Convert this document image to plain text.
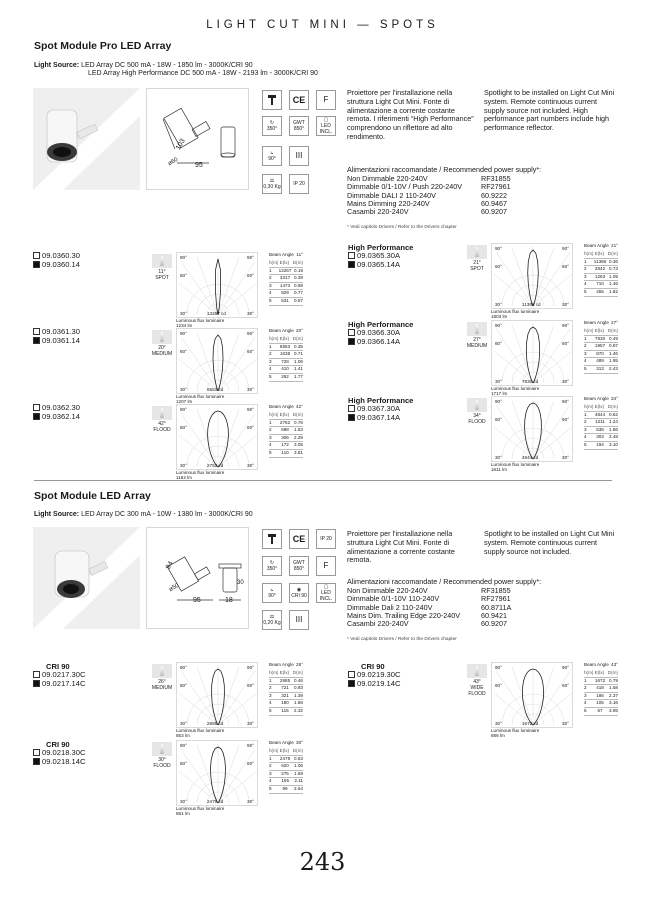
LIGHT CUT MINI — SPOTS
Spot Module Pro LED Array
Light Source: LED Array DC 500 mA - 18W - 1850 lm - 3000K/CRI 90
LED Array High Performance DC 500 mA - 18W - 2193 lm - 3000K/CRI 90
103
ø60 95
CE F
↻
350°
GWT 850°
▢
LED INCL.
⦣
90° III
⚖
0,30 Kg	IP 20
Proiettore per l'installazione nella struttura Light Cut Mini. Fonte di alimentazione a corrente costante remota. I riferimenti “High Performance” comprendono un riflettore ad alto rendimento.
Spotlight to be installed on Light Cut Mini system. Remote continuous current supply source not included. High performance part numbers include high performance reflector.
Alimentazioni raccomandate / Recommended power supply*:
Non Dimmable 220-240V	RF31855
Dimmable 0/1-10V / Push 220-240V	RF27961
Dimmable DALI 2 110-240V	60.9222
Mains Dimming 220-240V	60.9467
Casambi 220-240V	60.9207
* Vedi capitolo Drivers / Refer to the Drivers chapter
Spot Module LED Array
Light Source: LED Array DC 300 mA - 10W - 1380 lm - 3000K/CRI 90
94
ø50
95	18
30
CE	IP 20
↻
350°
GWT 850°	F
⦣
90°
◉
CRI 90
▢
LED INCL.
⚖
0,20 Kg III
Proiettore per l'installazione nella struttura Light Cut Mini. Fonte di alimentazione a corrente costante remota.
Spotlight to be installed on Light Cut Mini system. Remote continuous current supply source not included.
Alimentazioni raccomandate / Recommended power supply*:
Non Dimmable 220-240V	RF31855
Dimmable 0/1-10V 110-240V	RF27961
Dimmable Dali 2 110-240V	60.8711A
Mains Dim. Trailing Edge 220-240V	60.9421
Casambi 220-240V	60.9207
* Vedi capitolo Drivers / Refer to the Drivers chapter
09.0360.30
09.0360.14
11°
SPOT
90°	90°
60°	60°
30°	30°
13267 cd
Luminous flux luminaire
1234 lm
Beam Angle 11°
h(m) E(lx) D(m)
1	13267 0.19
2	3317 0.39
3	1474 0.58
4	829 0.77
5	531 0.97
09.0361.30
09.0361.14
20°
MEDIUM
90°	90°
60°	60°
30°	30°
6553 cd
Luminous flux luminaire
1207 lm
Beam Angle 20°
h(m) E(lx) D(m)
1	6553 0.35
2	1638 0.71
3	728 1.06
4	410 1.41
5	262 1.77
09.0362.30
09.0362.14
42°
FLOOD
90°	90°
60°	60°
30°	30°
2752 cd
Luminous flux luminaire
1162 lm
Beam Angle 42°
h(m) E(lx) D(m)
1	2752 0.76
2	688 1.53
3	306 2.29
4	172 3.05
5	110 3.81
High Performance
09.0365.30A
09.0365.14A	21°
SPOT
90°	90°
60°	60°
30°	30°
11366 cd
Luminous flux luminaire
1803 lm
Beam Angle 21°
h(m) E(lx) D(m)
1	11366 0.36
2	2842 0.73
3	1263 1.09
4	710 1.46
5	455 1.82
High Performance
09.0366.30A
09.0366.14A	27°
MEDIUM
90°	90°
60°	60°
30°	30°
7830 cd
Luminous flux luminaire
1717 lm
Beam Angle 27°
h(m) E(lx) D(m)
1	7830 0.49
2	1957 0.97
3	870 1.46
4	489 1.95
5	313 2.43
High Performance
09.0367.30A
09.0367.14A	34°
FLOOD
90°	90°
60°	60°
30°	30°
4844 cd
Luminous flux luminaire
1611 lm
Beam Angle 34°
h(m) E(lx) D(m)
1	4844 0.62
2	1211 1.24
3	538 1.86
4	303 2.48
5	194 3.10
CRI 90
09.0217.30C
09.0217.14C	26°
MEDIUM
90°	90°
60°	60°
30°	30°
2885 cd
Luminous flux luminaire
853 lm
Beam Angle 26°
h(m) E(lx) D(m)
1	2885 0.46
2	721 0.93
3	321 1.39
4	180 1.86
5	115 2.32
CRI 90
09.0218.30C
09.0218.14C	30°
FLOOD
90°	90°
60°	60°
30°	30°
2479 cd
Luminous flux luminaire
881 lm
Beam Angle 30°
h(m) E(lx) D(m)
1	2479 0.53
2	620 1.06
3	275 1.59
4	155 2.11
5	99 2.64
CRI 90
09.0219.30C
09.0219.14C	43°
WIDE FLOOD
90°	90°
60°	60°
30°	30°
1672 cd
Luminous flux luminaire
886 lm
Beam Angle 43°
h(m) E(lx) D(m)
1	1672 0.79
2	418 1.58
3	186 2.37
4	105 3.16
5	67 3.95
243
